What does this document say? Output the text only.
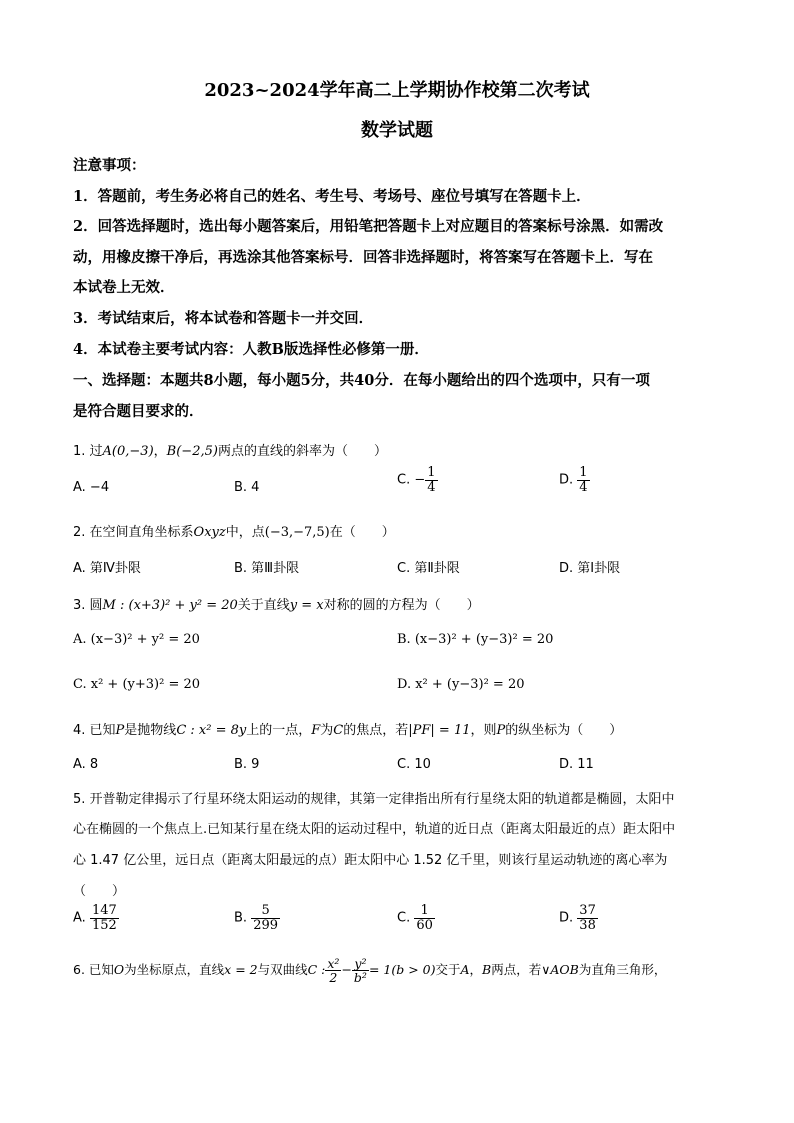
2023~2024学年高二上学期协作校第二次考试
数学试题
注意事项：
1．答题前，考生务必将自己的姓名、考生号、考场号、座位号填写在答题卡上．
2．回答选择题时，选出每小题答案后，用铅笔把答题卡上对应题目的答案标号涂黑．如需改
动，用橡皮擦干净后，再选涂其他答案标号．回答非选择题时，将答案写在答题卡上．写在
本试卷上无效．
3．考试结束后，将本试卷和答题卡一并交回．
4．本试卷主要考试内容：人教B版选择性必修第一册．
一、选择题：本题共8小题，每小题5分，共40分．在每小题给出的四个选项中，只有一项
是符合题目要求的．
1. 过A(0,−3)，B(−2,5)两点的直线的斜率为（　　）
A. −4	B. 4	C. − $\frac{1}{4}$	D. $\frac{1}{4}$
2. 在空间直角坐标系Oxyz中，点(−3,−7,5)在（　　）
A. 第Ⅳ卦限	B. 第Ⅲ卦限	C. 第Ⅱ卦限	D. 第Ⅰ卦限
3. 圆M : (x+3)² + y² = 20关于直线y = x对称的圆的方程为（　　）
A. (x−3)² + y² = 20	B. (x−3)² + (y−3)² = 20
C. x² + (y+3)² = 20	D. x² + (y−3)² = 20
4. 已知P是抛物线C : x² = 8y上的一点，F为C的焦点，若|PF| = 11，则P的纵坐标为（　　）
A. 8	B. 9	C. 10	D. 11
5. 开普勒定律揭示了行星环绕太阳运动的规律，其第一定律指出所有行星绕太阳的轨道都是椭圆，太阳中
心在椭圆的一个焦点上.已知某行星在绕太阳的运动过程中，轨道的近日点（距离太阳最近的点）距太阳中
心 1.47 亿公里，远日点（距离太阳最远的点）距太阳中心 1.52 亿千里，则该行星运动轨迹的离心率为
（　　）
A. $\frac{147}{152}$	B. $\frac{5}{299}$	C. $\frac{1}{60}$	D. $\frac{37}{38}$
6. 已知O为坐标原点，直线x = 2与双曲线C : $\frac{\text{x²}}{2} - \frac{\text{y²}}{\text{b²}} = 1(b > 0)$交于A，B两点，若∨AOB为直角三角形，
